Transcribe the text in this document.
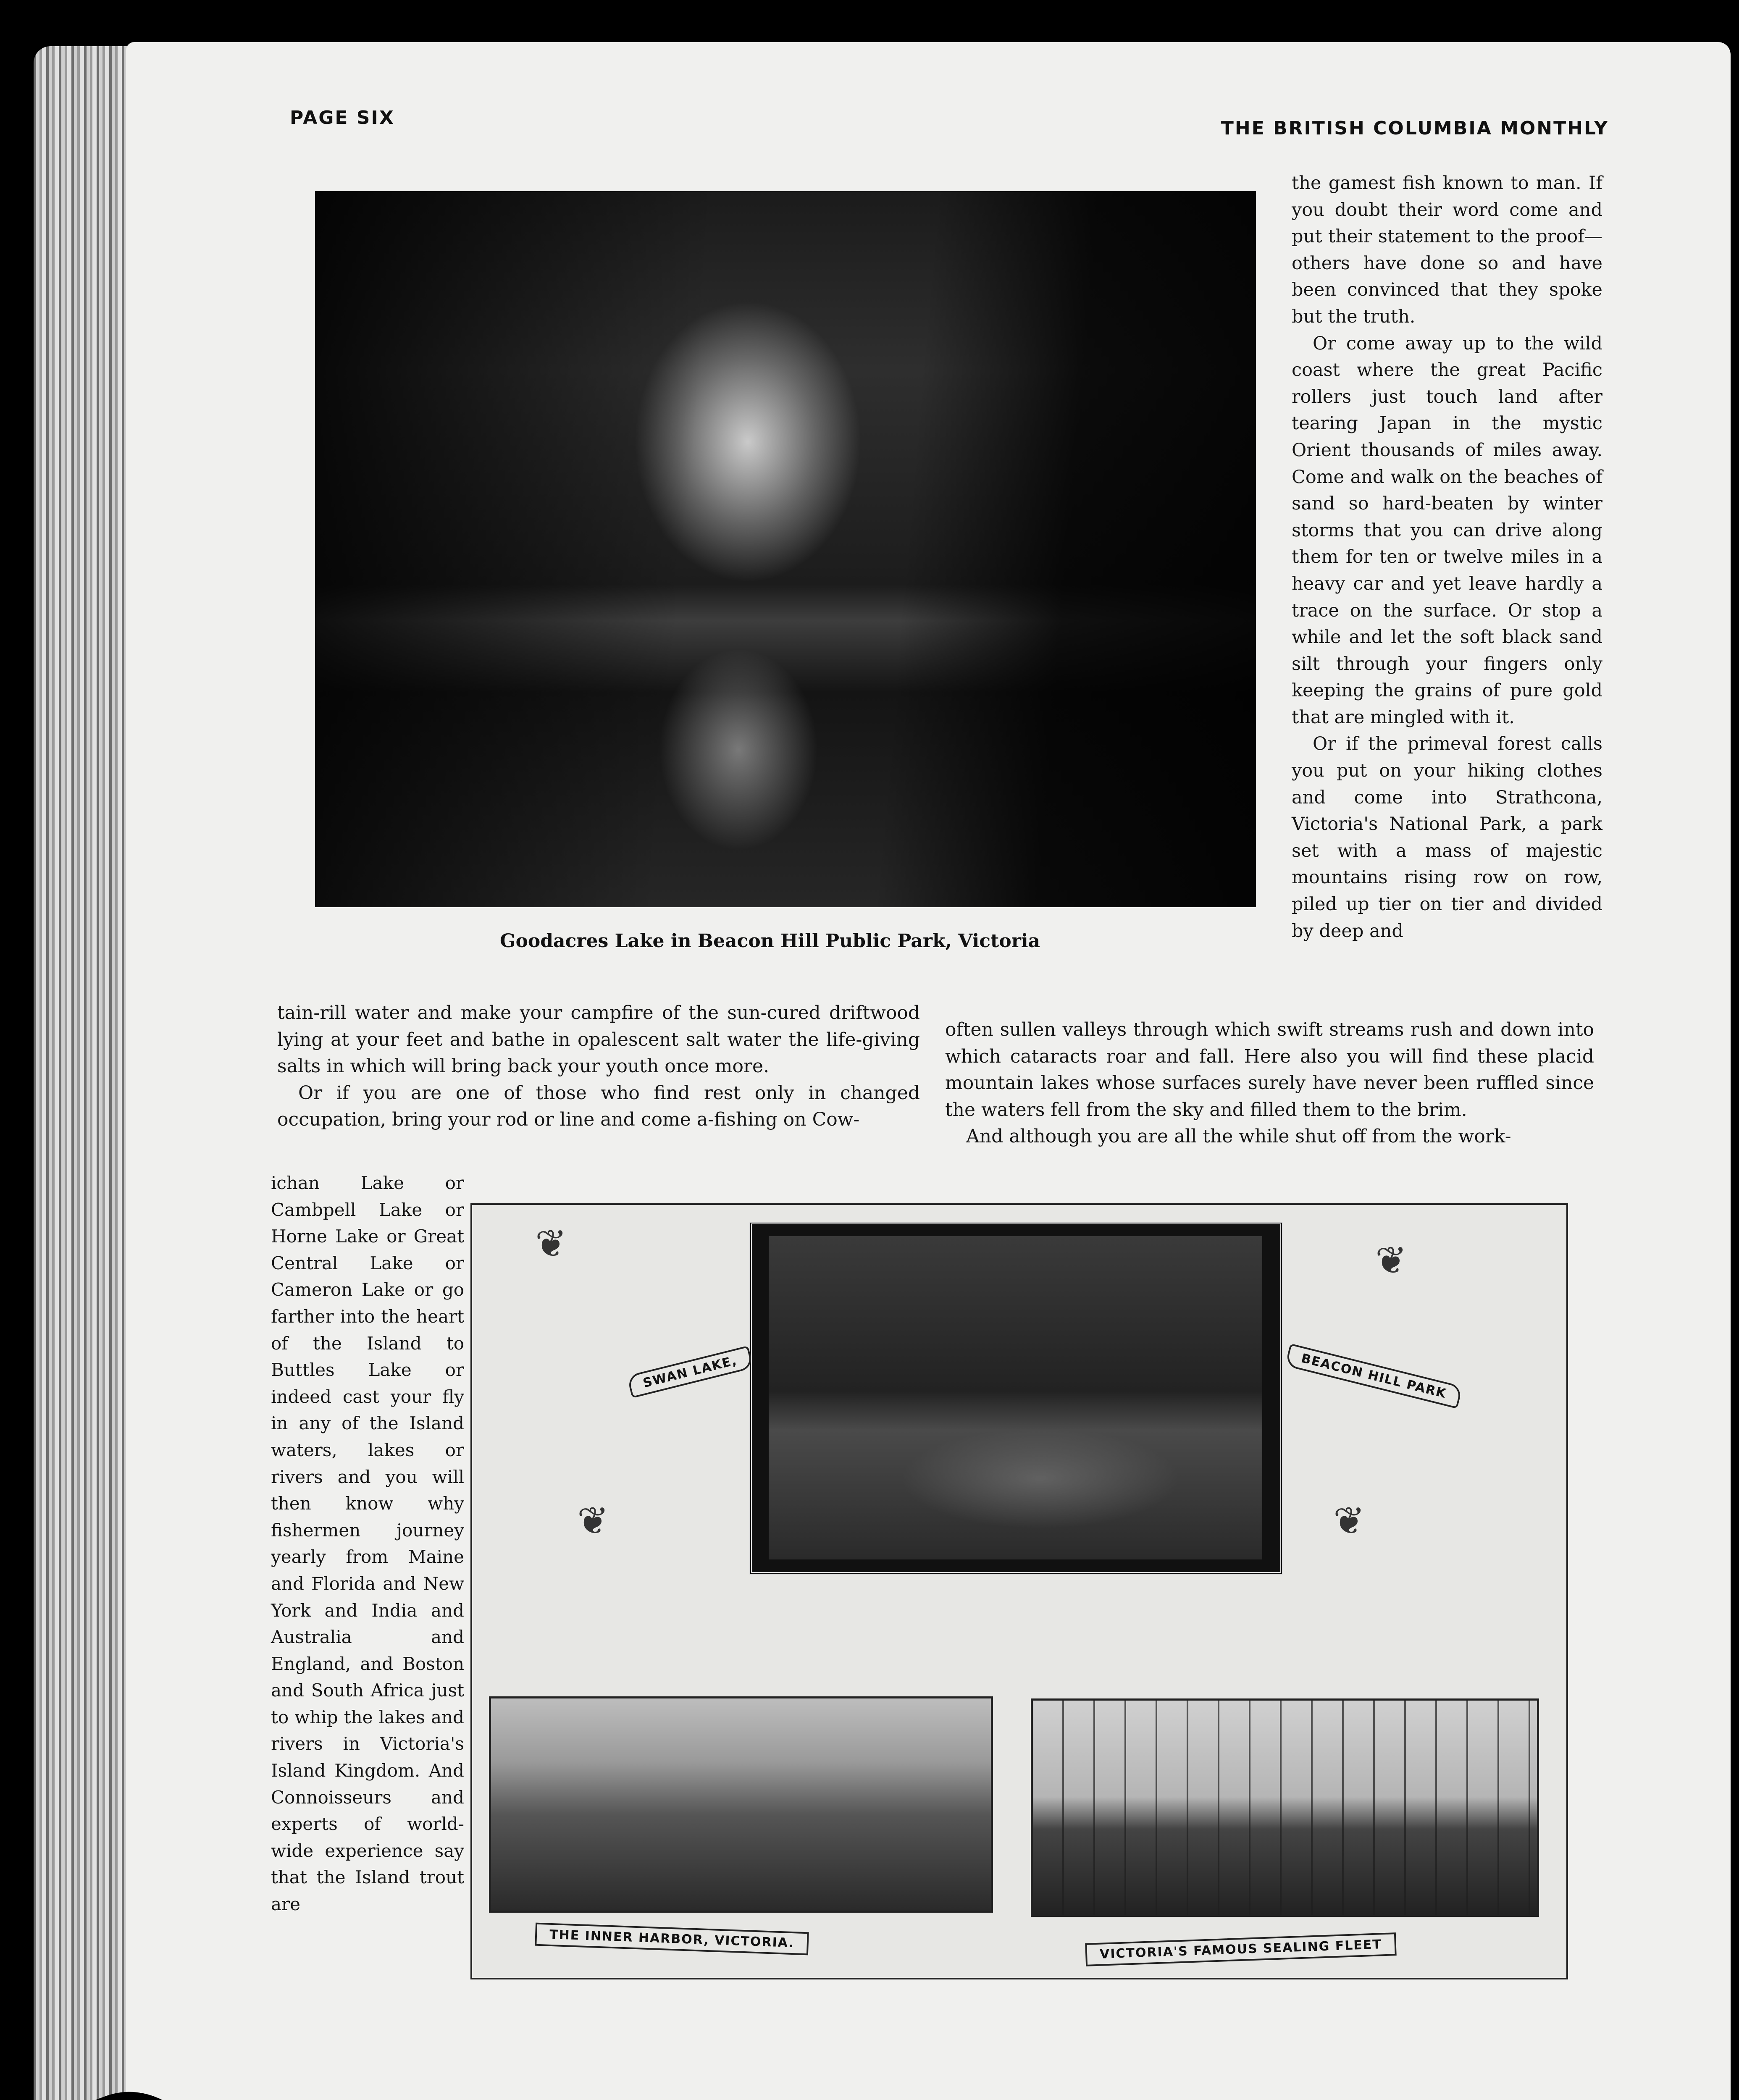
PAGE SIX	THE BRITISH COLUMBIA MONTHLY
Goodacres Lake in Beacon Hill Public Park, Victoria

the gamest fish known to man. If you doubt their word come and put their statement to the proof—others have done so and have been convinced that they spoke but the truth.

Or come away up to the wild coast where the great Pacific rollers just touch land after tearing Japan in the mystic Orient thousands of miles away. Come and walk on the beaches of sand so hard-beaten by winter storms that you can drive along them for ten or twelve miles in a heavy car and yet leave hardly a trace on the surface. Or stop a while and let the soft black sand silt through your fingers only keeping the grains of pure gold that are mingled with it.

Or if the primeval forest calls you put on your hiking clothes and come into Strathcona, Victoria's National Park, a park set with a mass of majestic mountains rising row on row, piled up tier on tier and divided by deep and

tain-rill water and make your campfire of the sun-cured driftwood lying at your feet and bathe in opalescent salt water the life-giving salts in which will bring back your youth once more.

Or if you are one of those who find rest only in changed occupation, bring your rod or line and come a-fishing on Cow-

often sullen valleys through which swift streams rush and down into which cataracts roar and fall. Here also you will find these placid mountain lakes whose surfaces surely have never been ruffled since the waters fell from the sky and filled them to the brim.

And although you are all the while shut off from the work-

ichan Lake or Cambpell Lake or Horne Lake or Great Central Lake or Cameron Lake or go farther into the heart of the Island to Buttles Lake or indeed cast your fly in any of the Island waters, lakes or rivers and you will then know why fishermen journey yearly from Maine and Florida and New York and India and Australia and England, and Boston and South Africa just to whip the lakes and rivers in Victoria's Island Kingdom. And Connoisseurs and experts of world-wide experience say that the Island trout are

❦
❦
❦
❦
SWAN LAKE,	BEACON HILL PARK
THE INNER HARBOR, VICTORIA.	VICTORIA'S FAMOUS SEALING FLEET
